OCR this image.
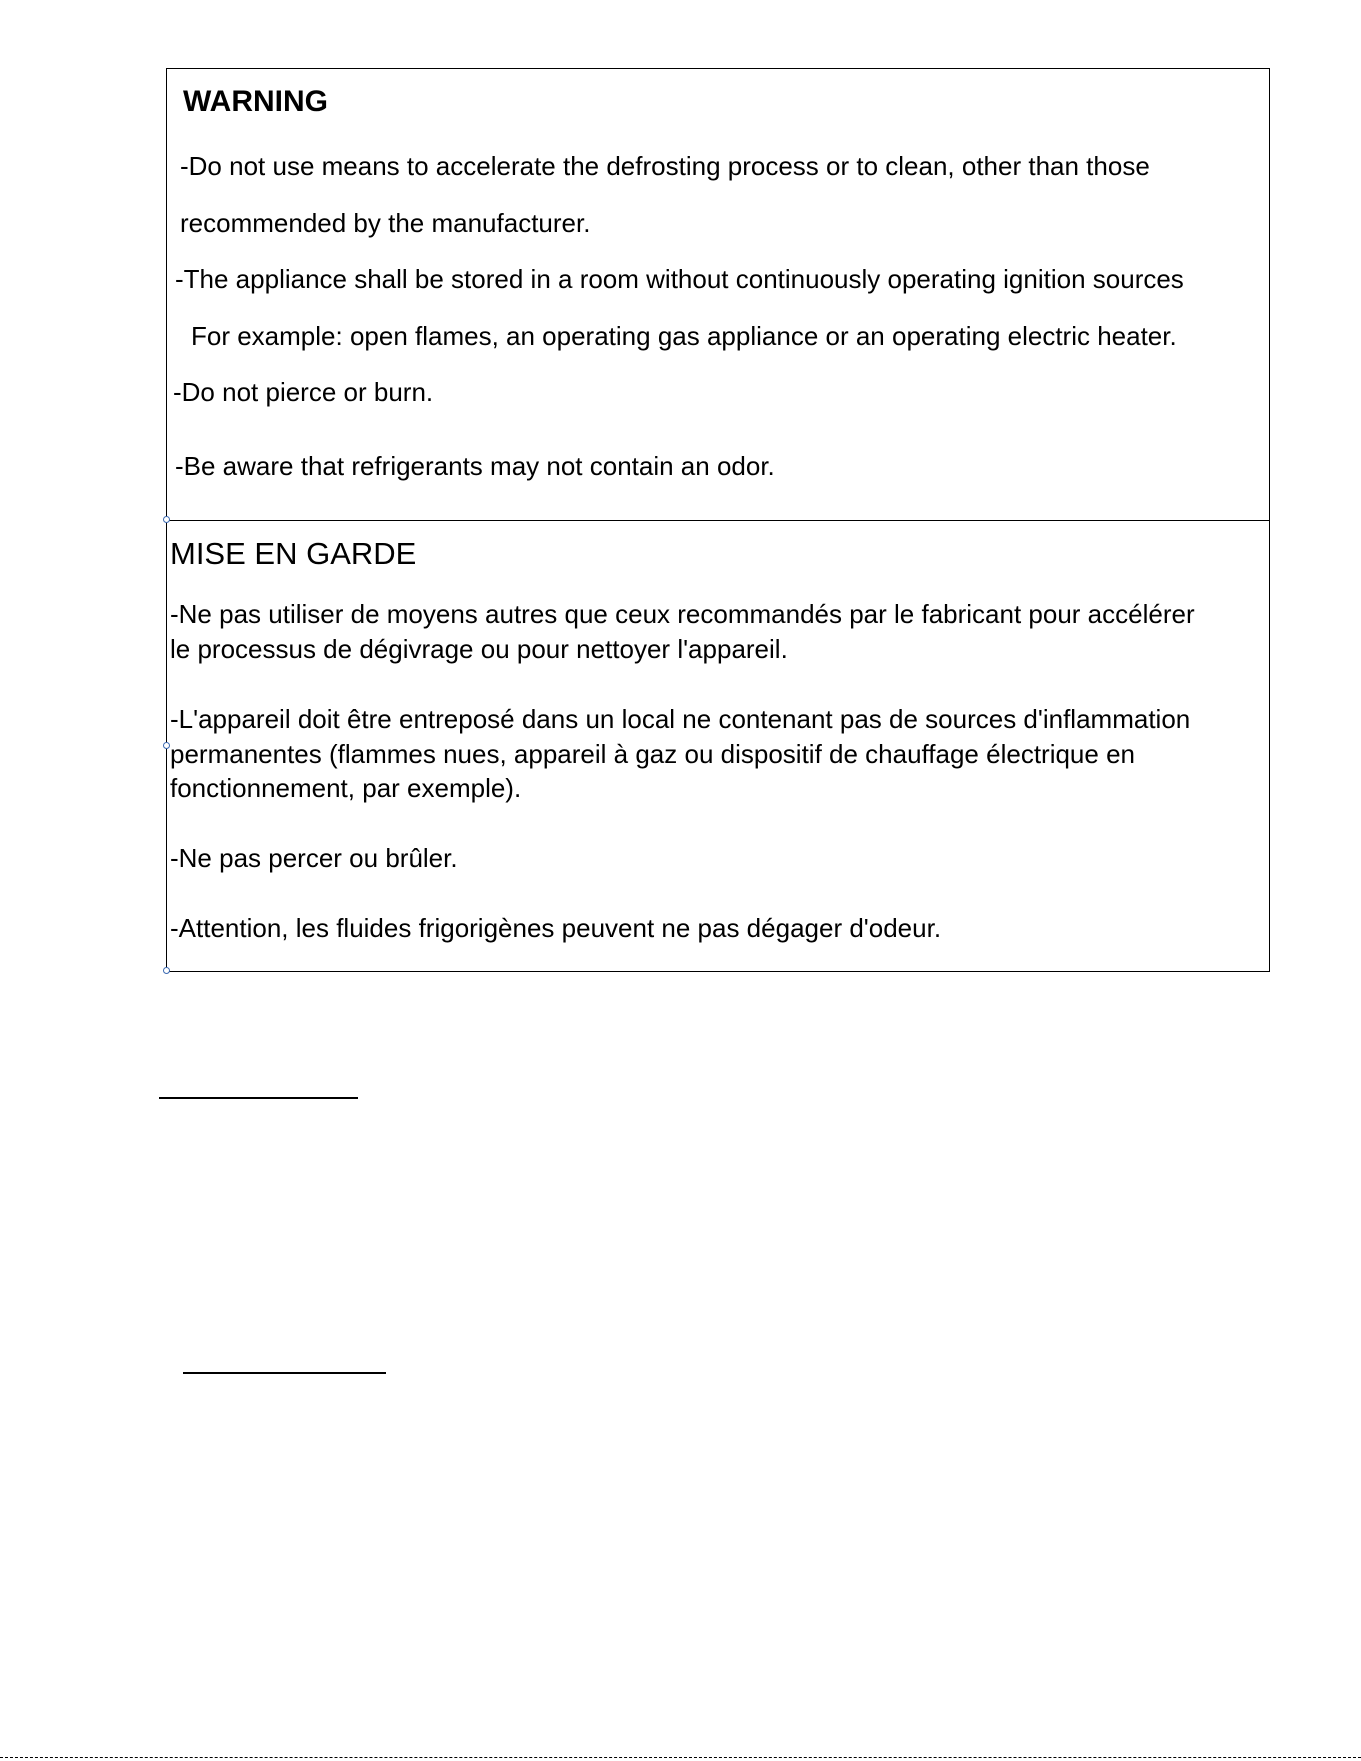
WARNING
-Do not use means to accelerate the defrosting process or to clean, other than those
recommended by the manufacturer.
-The appliance shall be stored in a room without continuously operating ignition sources
For example: open flames, an operating gas appliance or an operating electric heater.
-Do not pierce or burn.
-Be aware that refrigerants may not contain an odor.
MISE EN GARDE
-Ne pas utiliser de moyens autres que ceux recommandés par le fabricant pour accélérer
le processus de dégivrage ou pour nettoyer l'appareil.
-L'appareil doit être entreposé dans un local ne contenant pas de sources d'inflammation
permanentes (flammes nues, appareil à gaz ou dispositif de chauffage électrique en
fonctionnement, par exemple).
-Ne pas percer ou brûler.
-Attention, les fluides frigorigènes peuvent ne pas dégager d'odeur.
